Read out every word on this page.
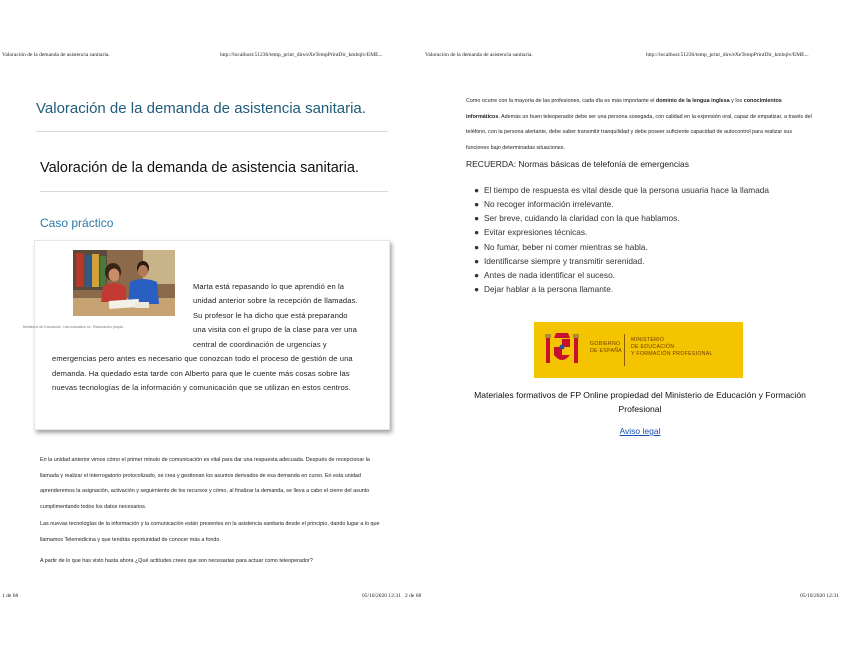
Valoración de la demanda de asistencia sanitaria.	http://localhost:51236/temp_print_dirs/eXeTempPrintDir_kmbqlv/EME...	Valoración de la demanda de asistencia sanitaria.	http://localhost:51236/temp_print_dirs/eXeTempPrintDir_kmbqlv/EME...
Valoración de la demanda de asistencia sanitaria.
Valoración de la demanda de asistencia sanitaria.
Caso práctico
Ministerio de Educación. Uso educativo nc. Elaboración propia.
Marta está repasando lo que aprendió en la
unidad anterior sobre la recepción de llamadas.
Su profesor le ha dicho que está preparando
una visita con el grupo de la clase para ver una
central de coordinación de urgencias y
emergencias pero antes es necesario que conozcan todo el proceso de gestión de una
demanda. Ha quedado esta tarde con Alberto para que le cuente más cosas sobre las
nuevas tecnologías de la información y comunicación que se utilizan en estos centros.

En la unidad anterior vimos cómo el primer minuto de comunicación es vital para dar una respuesta adecuada. Después de recepcionar la llamada y realizar el interrogatorio protocolizado, se crea y gestionan los asuntos derivados de esa demanda en curso. En esta unidad aprenderemos la asignación, activación y seguimiento de los recursos y cómo, al finalizar la demanda, se lleva a cabo el cierre del asunto cumplimentando todos los datos necesarios.

Las nuevas tecnologías de la información y la comunicación están presentes en la asistencia sanitaria desde el principio, dando lugar a lo que llamamos Telemedicina y que tendrás oportunidad de conocer más a fondo.

A partir de lo que has visto hasta ahora ¿Qué actitudes crees que son necesarias para actuar como teleoperador?

Como ocurre con la mayoría de las profesiones, cada día es más importante el dominio de la lengua inglesa y los conocimientos informáticos. Además un buen teleoperador debe ser una persona sosegada, con calidad en la expresión oral, capaz de empatizar, a través del teléfono, con la persona alertante, debe saber transmitir tranquilidad y debe poseer suficiente capacidad de autocontrol para realizar sus funciones bajo determinadas situaciones.

RECUERDA: Normas básicas de telefonía de emergencias

● El tiempo de respuesta es vital desde que la persona usuaria hace la llamada
● No recoger información irrelevante.
● Ser breve, cuidando la claridad con la que hablamos.
● Evitar expresiones técnicas.
● No fumar, beber ni comer mientras se habla.
● Identificarse siempre y transmitir serenidad.
● Antes de nada identificar el suceso.
● Dejar hablar a la persona llamante.
GOBIERNO
DE ESPAÑA
MINISTERIO
DE EDUCACIÓN
Y FORMACIÓN PROFESIONAL

Materiales formativos de FP Online propiedad del Ministerio de Educación y Formación Profesional

Aviso legal
1 de 68	05/10/2020 12:31 2 de 68	05/10/2020 12:31
